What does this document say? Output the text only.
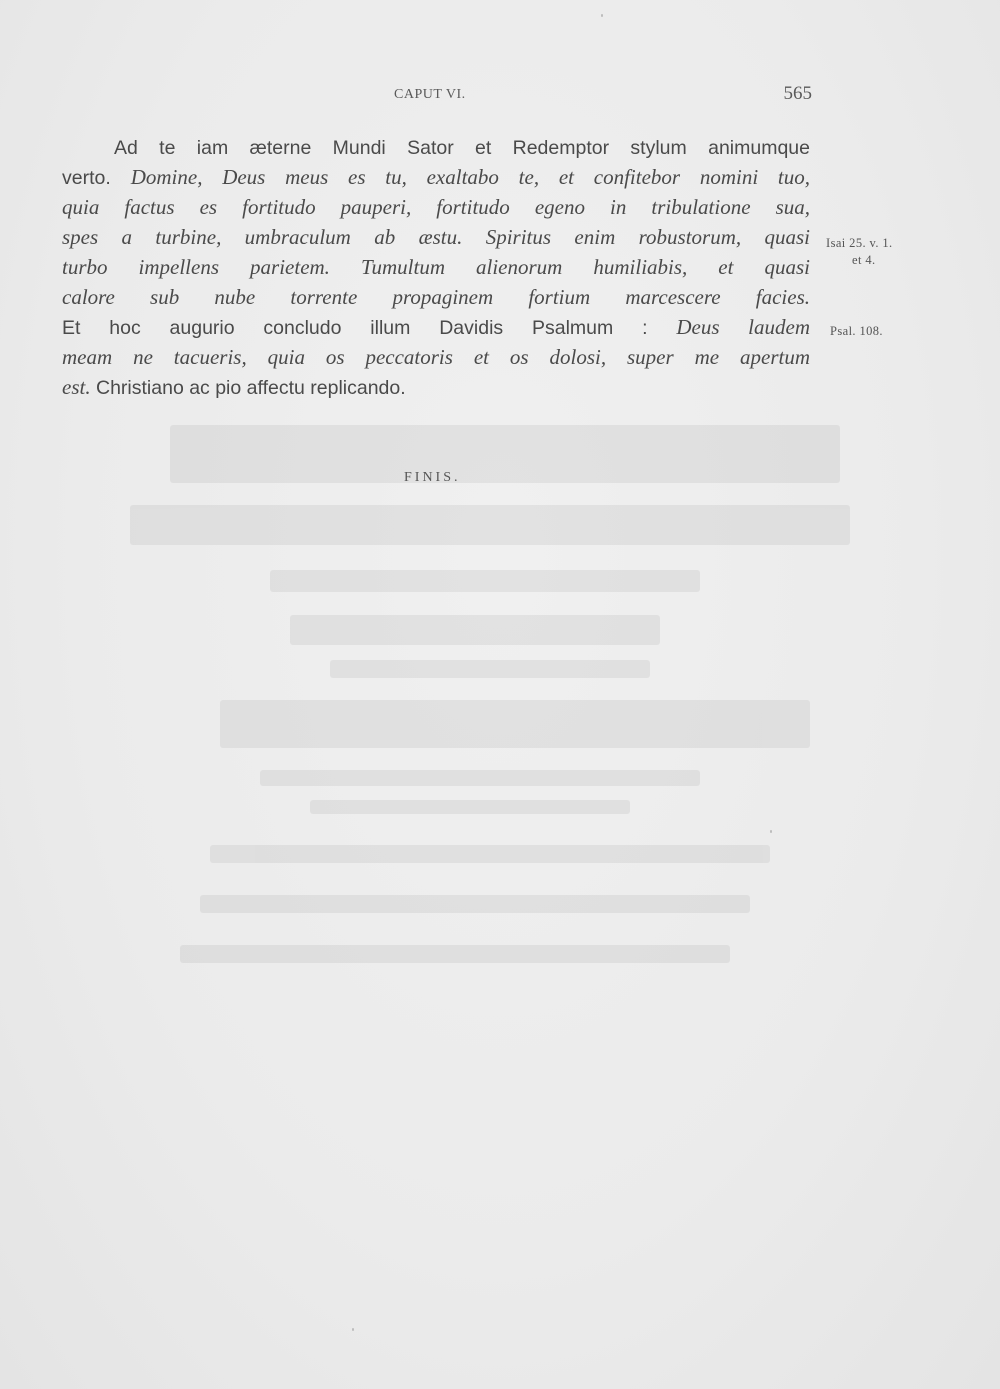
CAPUT VI.	565
Ad te iam æterne Mundi Sator et Redemptor stylum animumque
verto. Domine, Deus meus es tu, exaltabo te, et confitebor nomini tuo,
quia factus es fortitudo pauperi, fortitudo egeno in tribulatione sua,
spes a turbine, umbraculum ab æstu. Spiritus enim robustorum, quasi
turbo impellens parietem. Tumultum alienorum humiliabis, et quasi
calore sub nube torrente propaginem fortium marcescere facies.
Et hoc augurio concludo illum Davidis Psalmum : Deus laudem
meam ne tacueris, quia os peccatoris et os dolosi, super me apertum
est. Christiano ac pio affectu replicando.
Isai 25. v. 1.
et 4.
Psal. 108.
FINIS.
